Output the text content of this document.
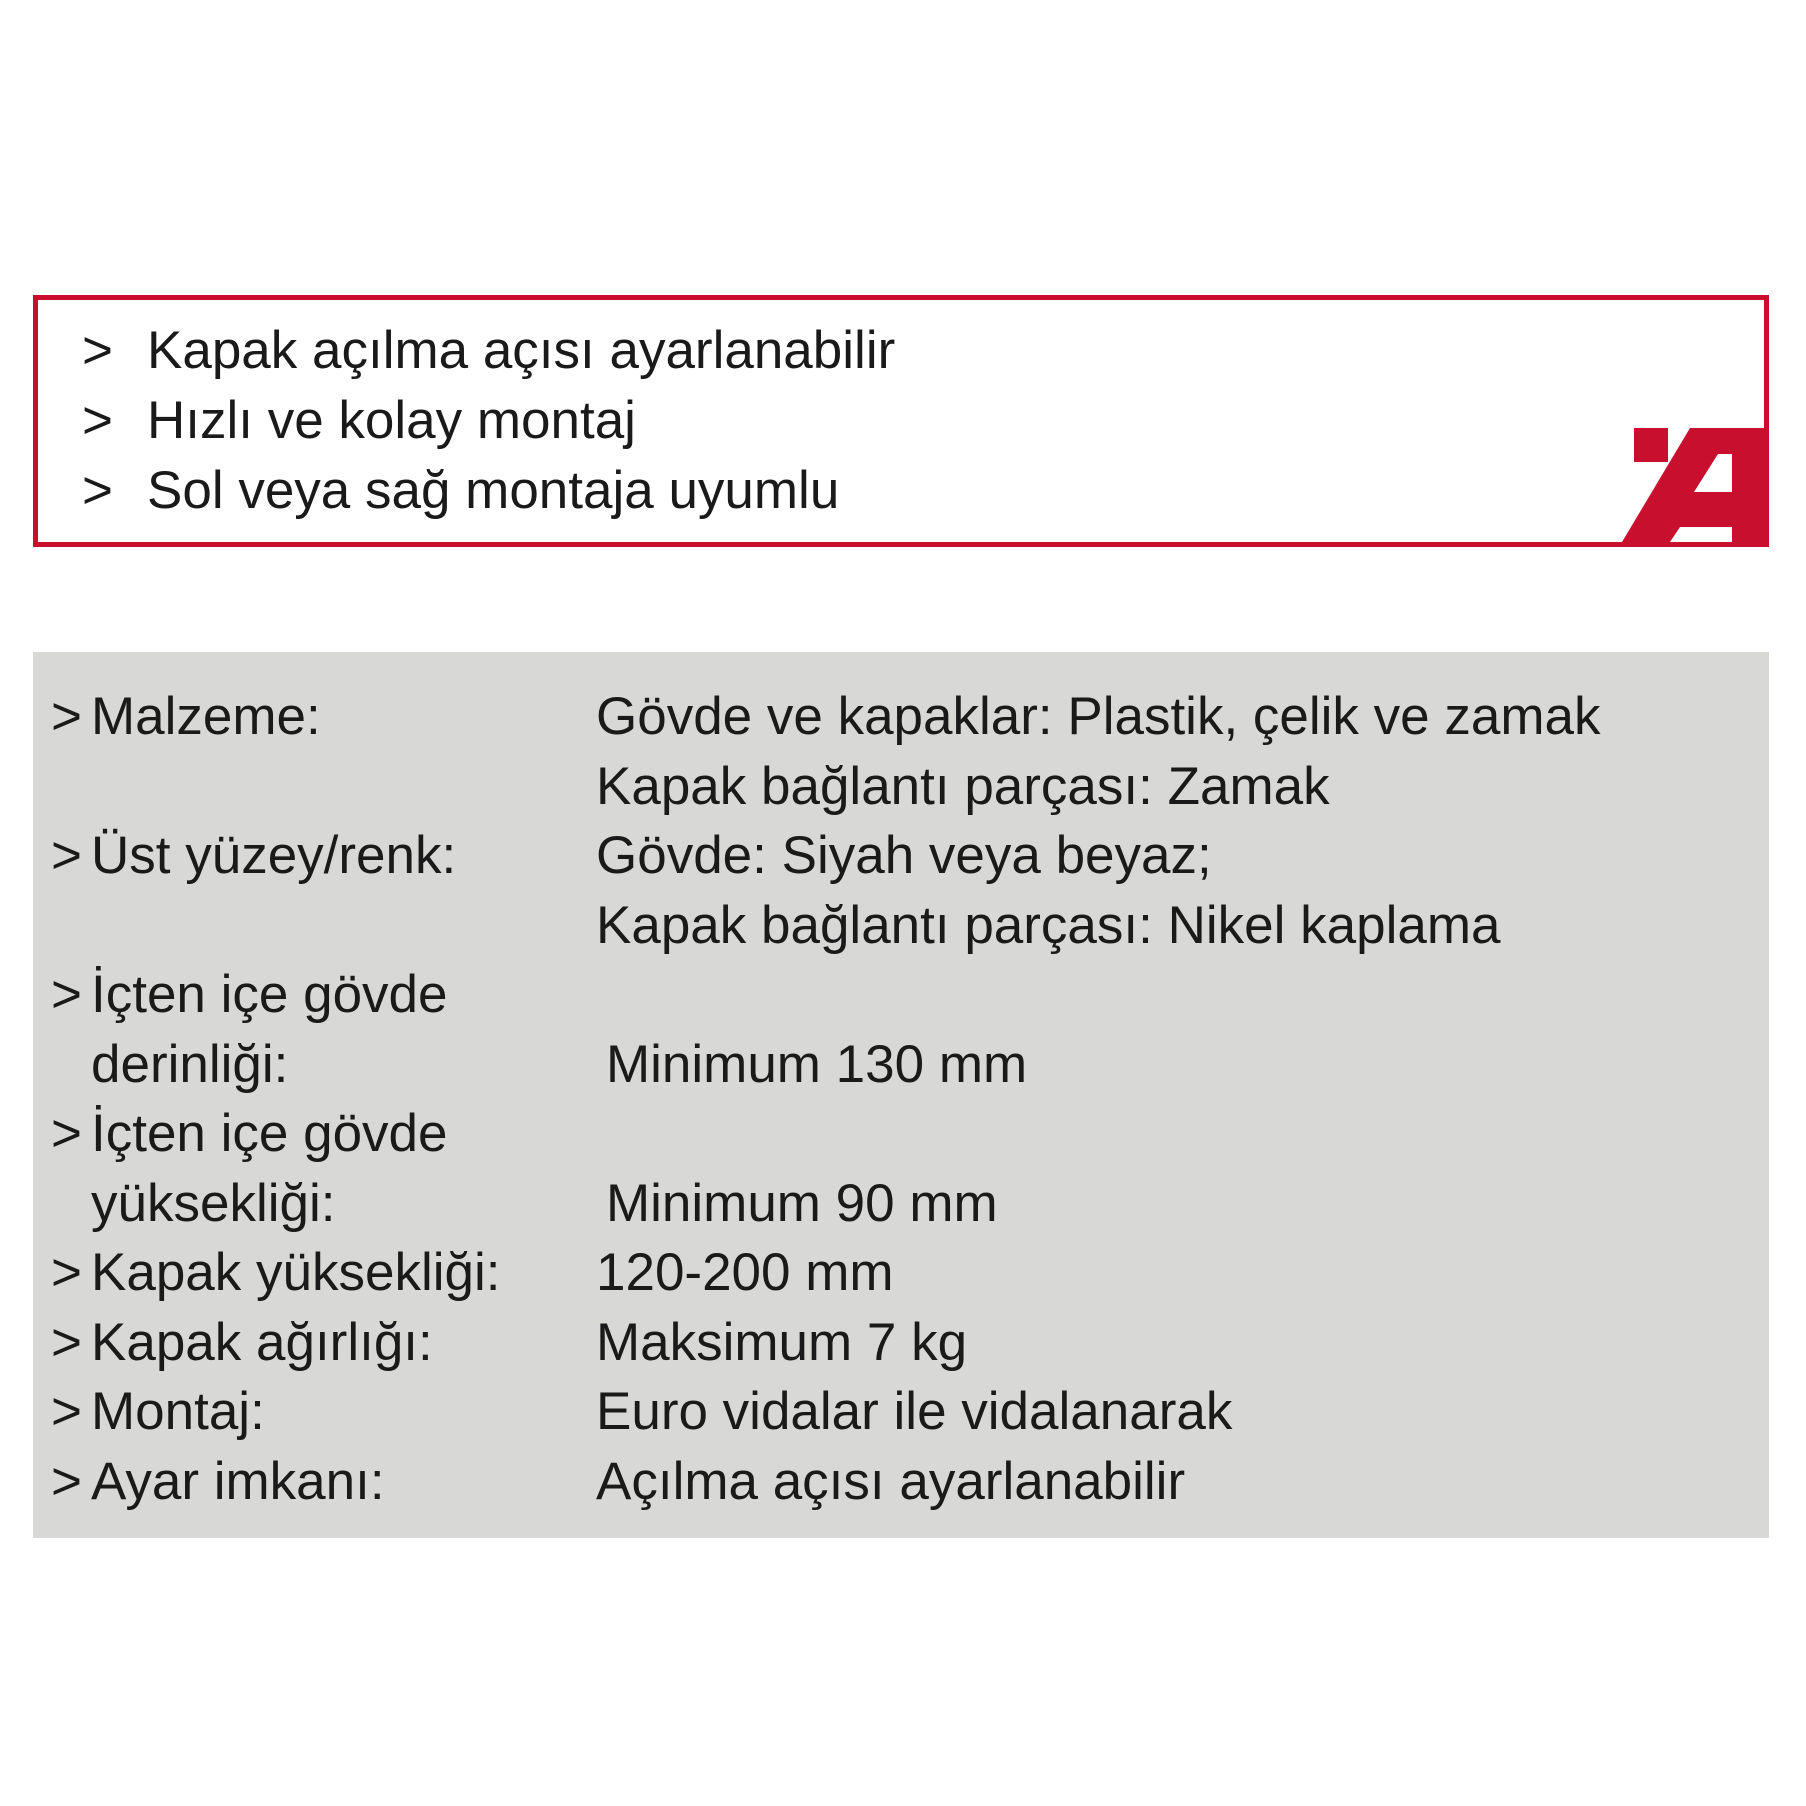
> Kapak açılma açısı ayarlanabilir
> Hızlı ve kolay montaj
> Sol veya sağ montaja uyumlu
> Malzeme:	Gövde ve kapaklar: Plastik, çelik ve zamak
Kapak bağlantı parçası: Zamak
> Üst yüzey/renk:	Gövde: Siyah veya beyaz;
Kapak bağlantı parçası: Nikel kaplama
> İçten içe gövde
derinliği:	Minimum 130 mm
> İçten içe gövde
yüksekliği:	Minimum 90 mm
> Kapak yüksekliği:	120-200 mm
> Kapak ağırlığı:	Maksimum 7 kg
> Montaj:	Euro vidalar ile vidalanarak
> Ayar imkanı:	Açılma açısı ayarlanabilir
